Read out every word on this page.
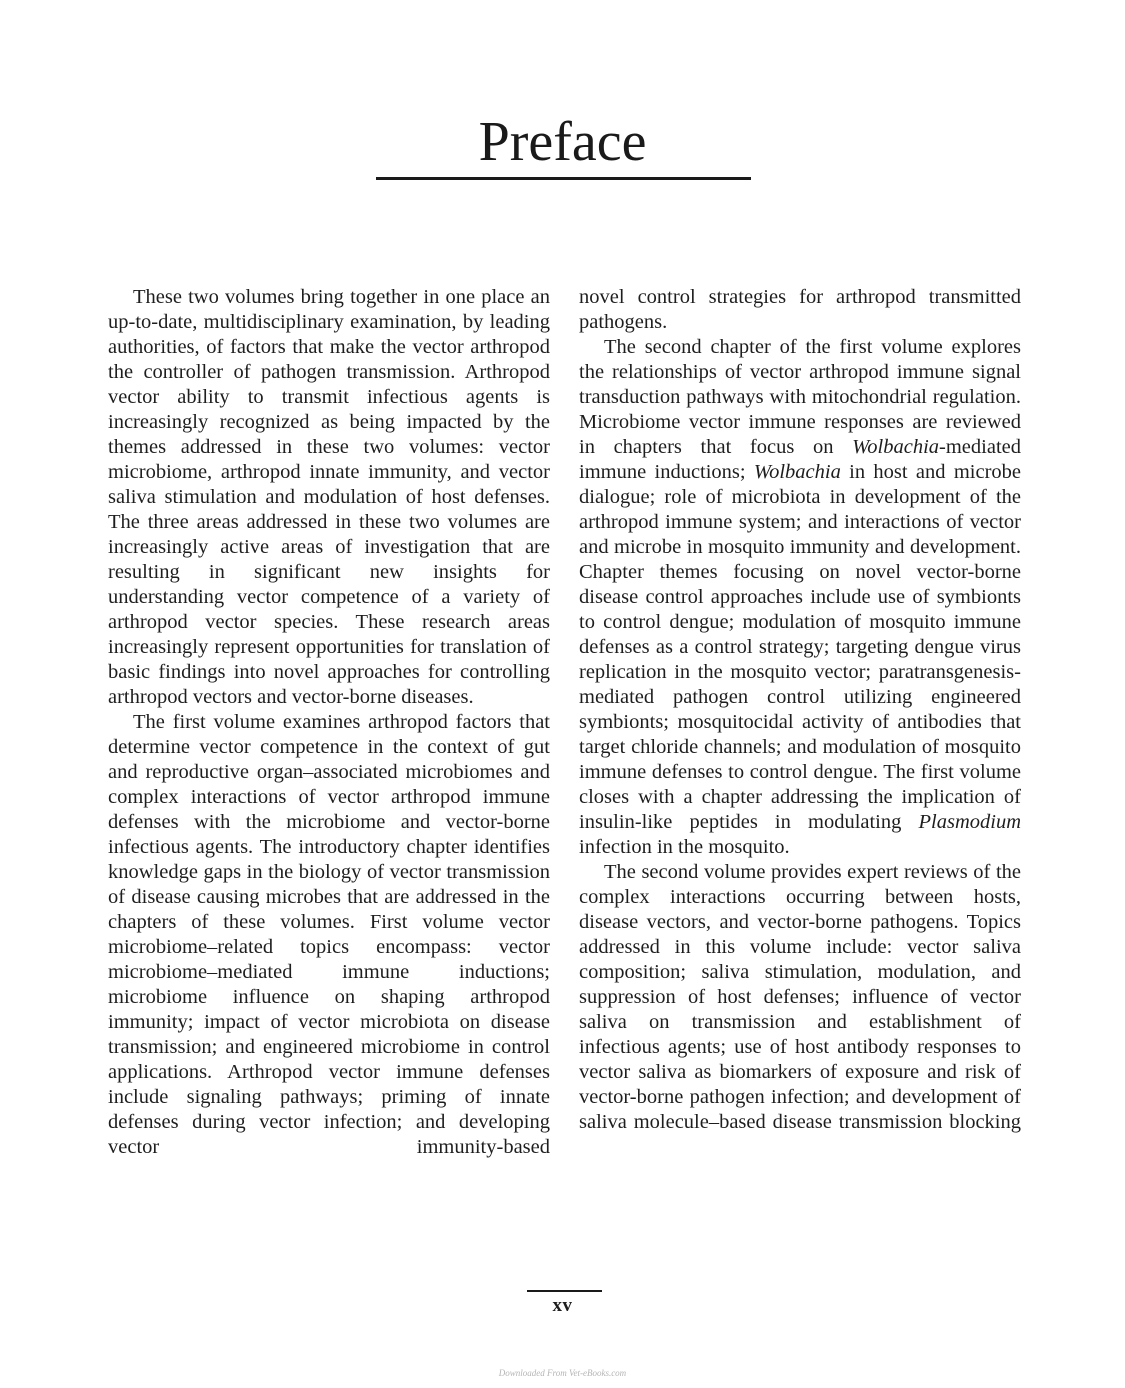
Preface

These two volumes bring together in one place an up-to-date, multidisciplinary examination, by leading authorities, of factors that make the vector arthropod the controller of pathogen transmission. Arthropod vector ability to transmit infectious agents is increasingly recognized as being impacted by the themes addressed in these two volumes: vector microbiome, arthropod innate immunity, and vector saliva stimulation and modulation of host defenses. The three areas addressed in these two volumes are increasingly active areas of investigation that are resulting in significant new insights for understanding vector competence of a variety of arthropod vector species. These research areas increasingly represent opportunities for translation of basic findings into novel approaches for controlling arthropod vectors and vector-borne diseases.

The first volume examines arthropod factors that determine vector competence in the context of gut and reproductive organ–associated microbiomes and complex interactions of vector arthropod immune defenses with the microbiome and vector-borne infectious agents. The introductory chapter identifies knowledge gaps in the biology of vector transmission of disease causing microbes that are addressed in the chapters of these volumes. First volume vector microbiome–related topics encompass: vector microbiome–mediated immune inductions; microbiome influence on shaping arthropod immunity; impact of vector microbiota on disease transmission; and engineered microbiome in control applications. Arthropod vector immune defenses include signaling pathways; priming of innate defenses during vector infection; and developing vector immunity-based

novel control strategies for arthropod transmitted pathogens.

The second chapter of the first volume explores the relationships of vector arthropod immune signal transduction pathways with mitochondrial regulation. Microbiome vector immune responses are reviewed in chapters that focus on Wolbachia-mediated immune inductions; Wolbachia in host and microbe dialogue; role of microbiota in development of the arthropod immune system; and interactions of vector and microbe in mosquito immunity and development. Chapter themes focusing on novel vector-borne disease control approaches include use of symbionts to control dengue; modulation of mosquito immune defenses as a control strategy; targeting dengue virus replication in the mosquito vector; paratransgenesis-mediated pathogen control utilizing engineered symbionts; mosquitocidal activity of antibodies that target chloride channels; and modulation of mosquito immune defenses to control dengue. The first volume closes with a chapter addressing the implication of insulin-like peptides in modulating Plasmodium infection in the mosquito.

The second volume provides expert reviews of the complex interactions occurring between hosts, disease vectors, and vector-borne pathogens. Topics addressed in this volume include: vector saliva composition; saliva stimulation, modulation, and suppression of host defenses; influence of vector saliva on transmission and establishment of infectious agents; use of host antibody responses to vector saliva as biomarkers of exposure and risk of vector-borne pathogen infection; and development of saliva molecule–based disease transmission blocking

xv
Downloaded From Vet-eBooks.com
